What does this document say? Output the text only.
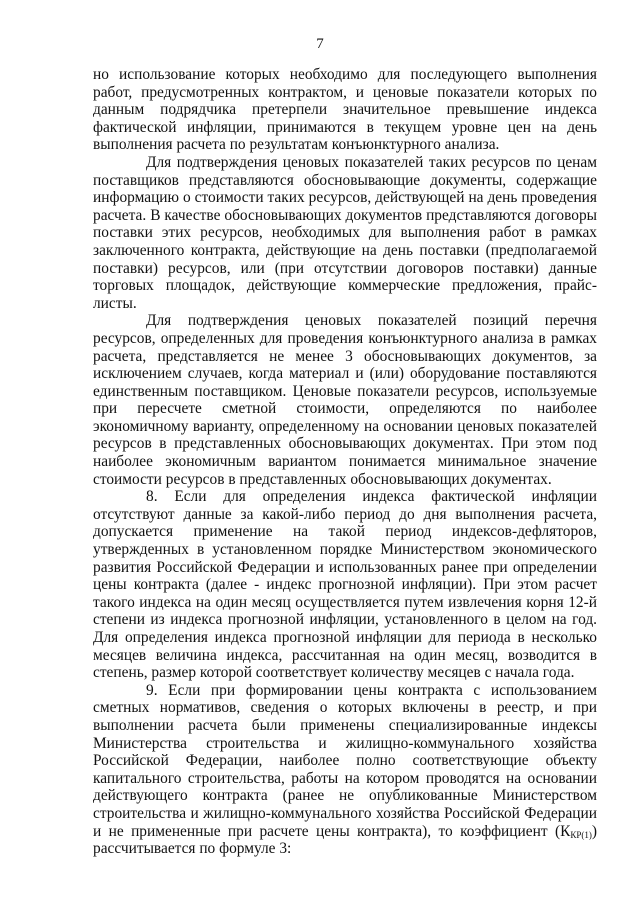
7

но использование которых необходимо для последующего выполнения работ, предусмотренных контрактом, и ценовые показатели которых по данным подрядчика претерпели значительное превышение индекса фактической инфляции, принимаются в текущем уровне цен на день выполнения расчета по результатам конъюнктурного анализа.

Для подтверждения ценовых показателей таких ресурсов по ценам поставщиков представляются обосновывающие документы, содержащие информацию о стоимости таких ресурсов, действующей на день проведения расчета. В качестве обосновывающих документов представляются договоры поставки этих ресурсов, необходимых для выполнения работ в рамках заключенного контракта, действующие на день поставки (предполагаемой поставки) ресурсов, или (при отсутствии договоров поставки) данные торговых площадок, действующие коммерческие предложения, прайс-листы.

Для подтверждения ценовых показателей позиций перечня ресурсов, определенных для проведения конъюнктурного анализа в рамках расчета, представляется не менее 3 обосновывающих документов, за исключением случаев, когда материал и (или) оборудование поставляются единственным поставщиком. Ценовые показатели ресурсов, используемые при пересчете сметной стоимости, определяются по наиболее экономичному варианту, определенному на основании ценовых показателей ресурсов в представленных обосновывающих документах. При этом под наиболее экономичным вариантом понимается минимальное значение стоимости ресурсов в представленных обосновывающих документах.

8. Если для определения индекса фактической инфляции отсутствуют данные за какой-либо период до дня выполнения расчета, допускается применение на такой период индексов-дефляторов, утвержденных в установленном порядке Министерством экономического развития Российской Федерации и использованных ранее при определении цены контракта (далее - индекс прогнозной инфляции). При этом расчет такого индекса на один месяц осуществляется путем извлечения корня 12-й степени из индекса прогнозной инфляции, установленного в целом на год. Для определения индекса прогнозной инфляции для периода в несколько месяцев величина индекса, рассчитанная на один месяц, возводится в степень, размер которой соответствует количеству месяцев с начала года.

9. Если при формировании цены контракта с использованием сметных нормативов, сведения о которых включены в реестр, и при выполнении расчета были применены специализированные индексы Министерства строительства и жилищно-коммунального хозяйства Российской Федерации, наиболее полно соответствующие объекту капитального строительства, работы на котором проводятся на основании действующего контракта (ранее не опубликованные Министерством строительства и жилищно-коммунального хозяйства Российской Федерации и не примененные при расчете цены контракта), то коэффициент $(К_{КР(1)})$ рассчитывается по формуле 3:
